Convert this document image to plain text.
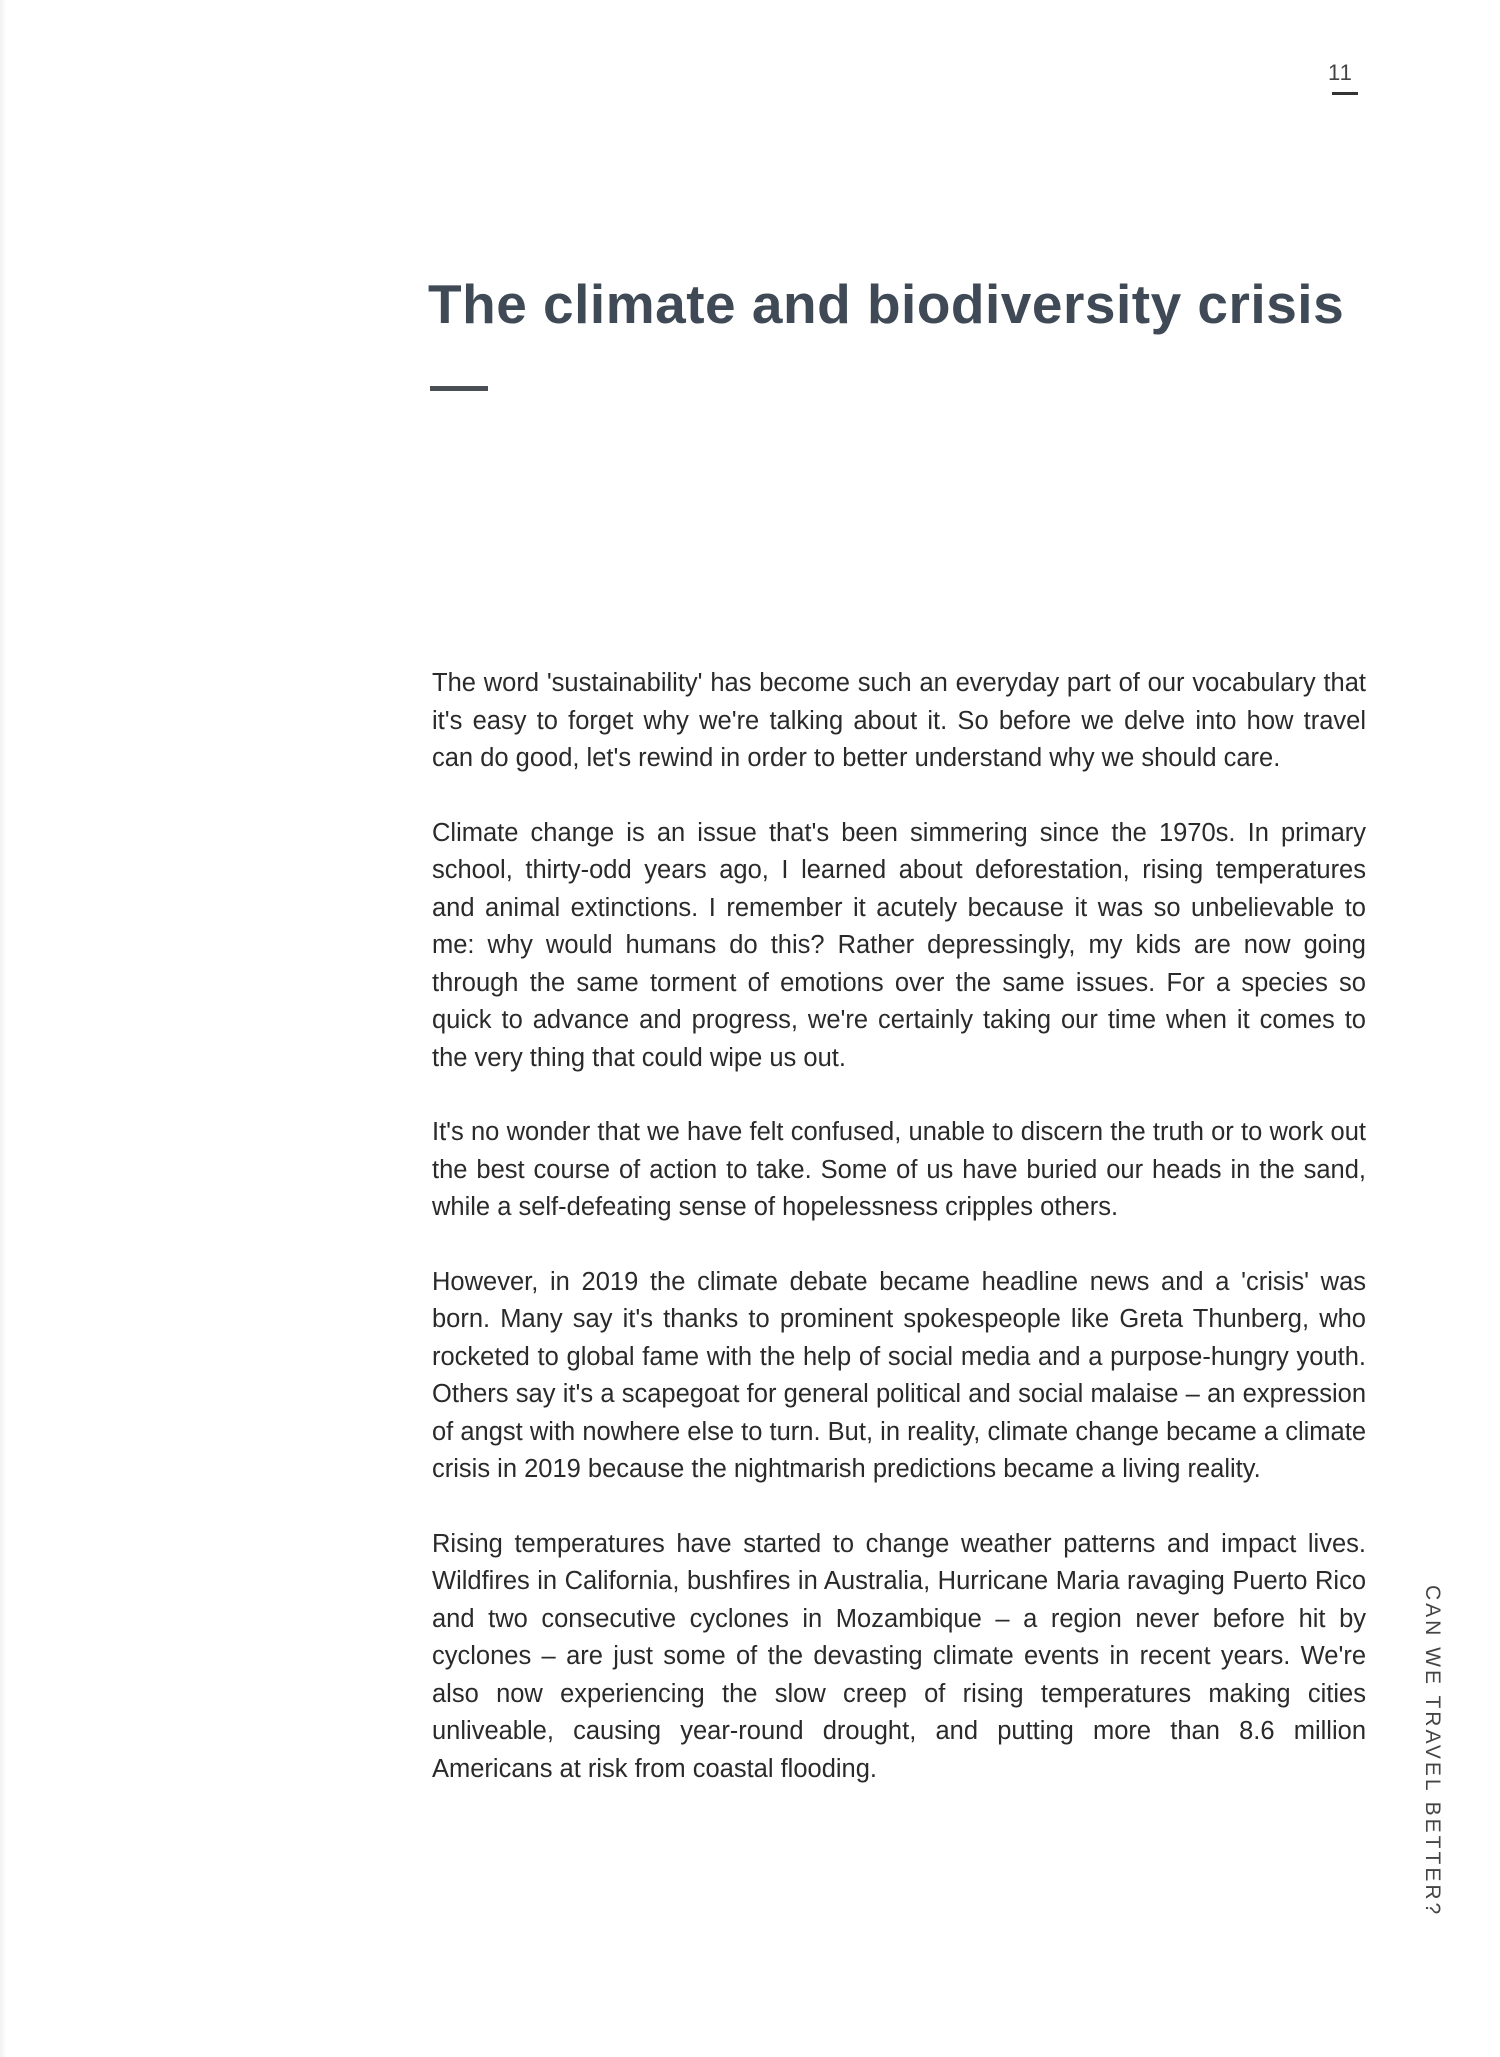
11
The climate and biodiversity crisis

The word 'sustainability' has become such an everyday part of our vocabulary that it's easy to forget why we're talking about it. So before we delve into how travel can do good, let's rewind in order to better understand why we should care.

Climate change is an issue that's been simmering since the 1970s. In primary school, thirty-odd years ago, I learned about deforestation, rising temperatures and animal extinctions. I remember it acutely because it was so unbelievable to me: why would humans do this? Rather depressingly, my kids are now going through the same torment of emotions over the same issues. For a species so quick to advance and progress, we're certainly taking our time when it comes to the very thing that could wipe us out.

It's no wonder that we have felt confused, unable to discern the truth or to work out the best course of action to take. Some of us have buried our heads in the sand, while a self-defeating sense of hopelessness cripples others.

However, in 2019 the climate debate became headline news and a 'crisis' was born. Many say it's thanks to prominent spokespeople like Greta Thunberg, who rocketed to global fame with the help of social media and a purpose-hungry youth. Others say it's a scapegoat for general political and social malaise – an expression of angst with nowhere else to turn. But, in reality, climate change became a climate crisis in 2019 because the nightmarish predictions became a living reality.

Rising temperatures have started to change weather patterns and impact lives. Wildfires in California, bushfires in Australia, Hurricane Maria ravaging Puerto Rico and two consecutive cyclones in Mozambique – a region never before hit by cyclones – are just some of the devasting climate events in recent years. We're also now experiencing the slow creep of rising temperatures making cities unliveable, causing year-round drought, and putting more than 8.6 million Americans at risk from coastal flooding.	CAN WE TRAVEL BETTER?
